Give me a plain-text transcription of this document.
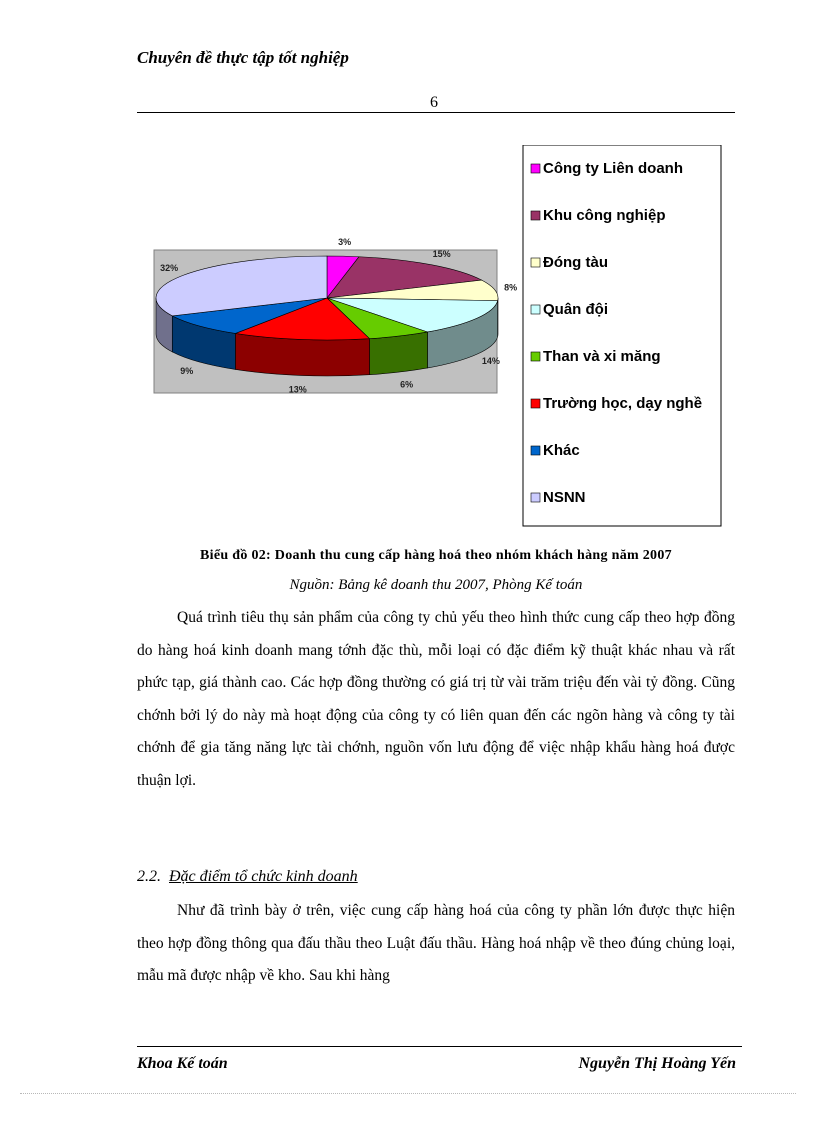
Chuyên đề thực tập tốt nghiệp
6
3%
15%
8%
14%
6%
13%
9%
32%
Công ty Liên doanh
Khu công nghiệp
Đóng tàu
Quân đội
Than và xi măng
Trường học, dạy nghề
Khác
NSNN
Biểu đồ 02: Doanh thu cung cấp hàng hoá theo nhóm khách hàng năm 2007
Nguồn: Bảng kê doanh thu 2007, Phòng Kế toán
Quá trình tiêu thụ sản phẩm của công ty chủ yếu theo hình thức cung cấp theo hợp đồng do hàng hoá kinh doanh mang tớnh đặc thù, mỗi loại có đặc điểm kỹ thuật khác nhau và rất phức tạp, giá thành cao. Các hợp đồng thường có giá trị từ vài trăm triệu đến vài tỷ đồng. Cũng chớnh bởi lý do này mà hoạt động của công ty có liên quan đến các ngõn hàng và công ty tài chớnh để gia tăng năng lực tài chớnh, nguồn vốn lưu động để việc nhập khẩu hàng hoá được thuận lợi.
2.2. Đặc điểm tổ chức kinh doanh
Như đã trình bày ở trên, việc cung cấp hàng hoá của công ty phần lớn được thực hiện theo hợp đồng thông qua đấu thầu theo Luật đấu thầu. Hàng hoá nhập về theo đúng chủng loại, mẫu mã được nhập về kho. Sau khi hàng
Khoa Kế toán	Nguyễn Thị Hoàng Yến
